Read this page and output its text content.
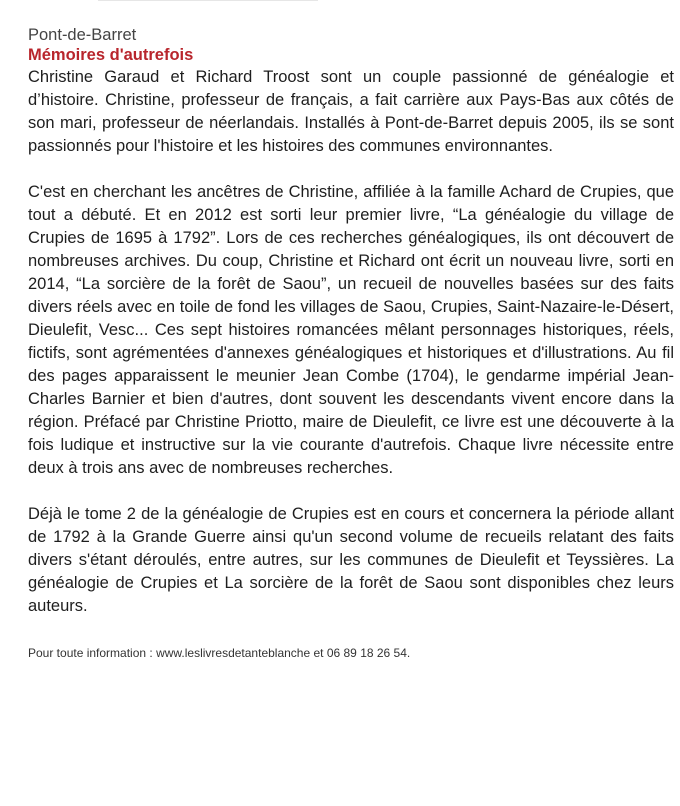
Pont-de-Barret

Mémoires d'autrefois

Christine Garaud et Richard Troost sont un couple passionné de généalogie et d’histoire. Christine, professeur de français, a fait carrière aux Pays-Bas aux côtés de son mari, professeur de néerlandais. Installés à Pont-de-Barret depuis 2005, ils se sont passionnés pour l'histoire et les histoires des communes environnantes.

C'est en cherchant les ancêtres de Christine, affiliée à la famille Achard de Crupies, que tout a débuté. Et en 2012 est sorti leur premier livre, “La généalogie du village de Crupies de 1695 à 1792”. Lors de ces recherches généalogiques, ils ont découvert de nombreuses archives. Du coup, Christine et Richard ont écrit un nouveau livre, sorti en 2014, “La sorcière de la forêt de Saou”, un recueil de nouvelles basées sur des faits divers réels avec en toile de fond les villages de Saou, Crupies, Saint-Nazaire-le-Désert, Dieulefit, Vesc... Ces sept histoires romancées mêlant personnages historiques, réels, fictifs, sont agrémentées d'annexes généalogiques et historiques et d'illustrations. Au fil des pages apparaissent le meunier Jean Combe (1704), le gendarme impérial Jean-Charles Barnier et bien d'autres, dont souvent les descendants vivent encore dans la région. Préfacé par Christine Priotto, maire de Dieulefit, ce livre est une découverte à la fois ludique et instructive sur la vie courante d'autrefois. Chaque livre nécessite entre deux à trois ans avec de nombreuses recherches.

Déjà le tome 2 de la généalogie de Crupies est en cours et concernera la période allant de 1792 à la Grande Guerre ainsi qu'un second volume de recueils relatant des faits divers s'étant déroulés, entre autres, sur les communes de Dieulefit et Teyssières. La généalogie de Crupies et La sorcière de la forêt de Saou sont disponibles chez leurs auteurs.

Pour toute information : www.leslivresdetanteblanche et 06 89 18 26 54.
